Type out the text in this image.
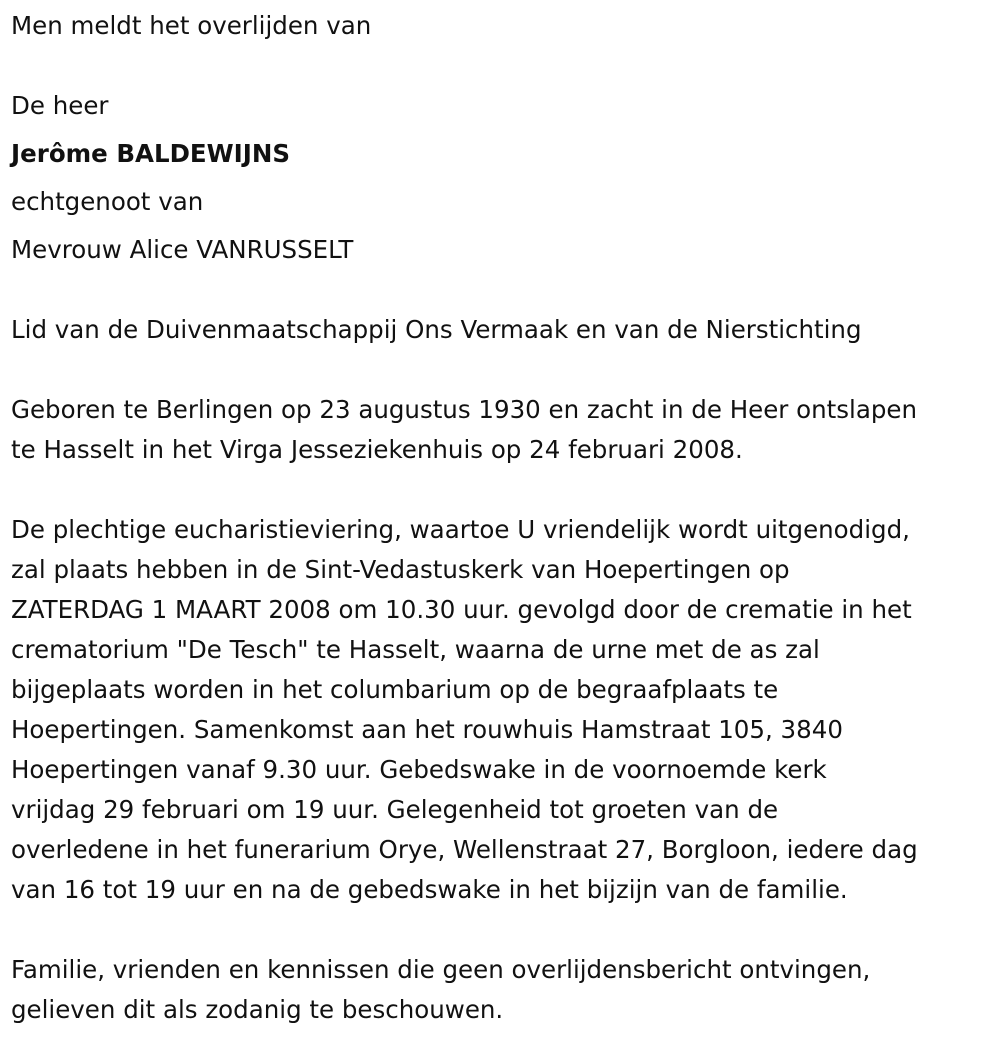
Men meldt het overlijden van

De heer

Jerôme BALDEWIJNS

echtgenoot van

Mevrouw Alice VANRUSSELT

Lid van de Duivenmaatschappij Ons Vermaak en van de Nierstichting

Geboren te Berlingen op 23 augustus 1930 en zacht in de Heer ontslapen
te Hasselt in het Virga Jesseziekenhuis op 24 februari 2008.

De plechtige eucharistieviering, waartoe U vriendelijk wordt uitgenodigd,
zal plaats hebben in de Sint-Vedastuskerk van Hoepertingen op
ZATERDAG 1 MAART 2008 om 10.30 uur. gevolgd door de crematie in het
crematorium "De Tesch" te Hasselt, waarna de urne met de as zal
bijgeplaats worden in het columbarium op de begraafplaats te
Hoepertingen. Samenkomst aan het rouwhuis Hamstraat 105, 3840
Hoepertingen vanaf 9.30 uur. Gebedswake in de voornoemde kerk
vrijdag 29 februari om 19 uur. Gelegenheid tot groeten van de
overledene in het funerarium Orye, Wellenstraat 27, Borgloon, iedere dag
van 16 tot 19 uur en na de gebedswake in het bijzijn van de familie.

Familie, vrienden en kennissen die geen overlijdensbericht ontvingen,
gelieven dit als zodanig te beschouwen.
